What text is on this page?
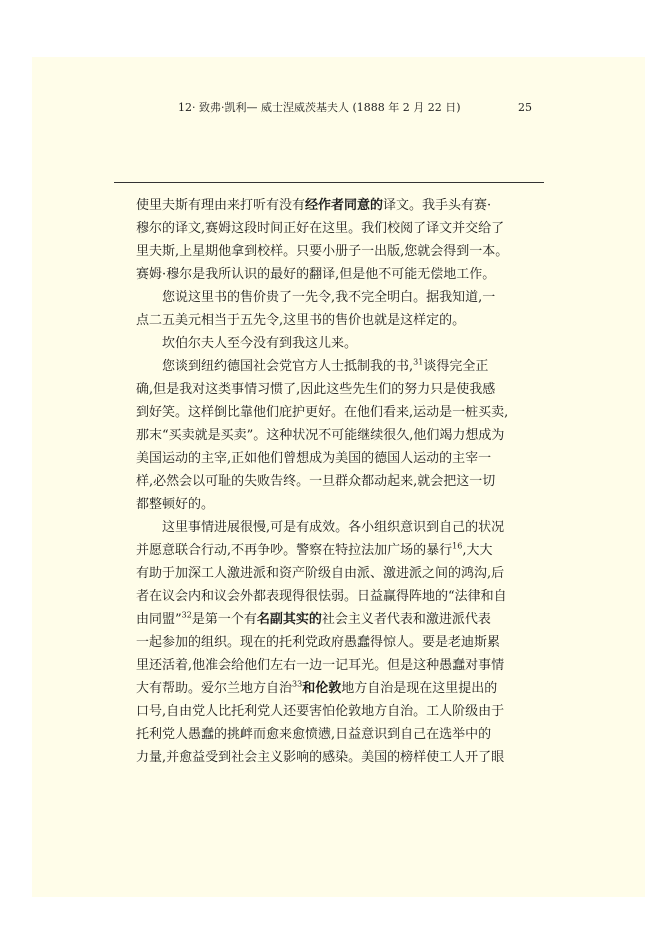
12· 致弗·凯利— 威士涅威茨基夫人 (1888 年 2 月 22 日)	25
使里夫斯有理由来打听有没有经作者同意的译文。我手头有赛·
穆尔的译文,赛姆这段时间正好在这里。我们校阅了译文并交给了
里夫斯,上星期他拿到校样。只要小册子一出版,您就会得到一本。
赛姆·穆尔是我所认识的最好的翻译,但是他不可能无偿地工作。
您说这里书的售价贵了一先令,我不完全明白。据我知道,一
点二五美元相当于五先令,这里书的售价也就是这样定的。
坎伯尔夫人至今没有到我这儿来。
您谈到纽约德国社会党官方人士抵制我的书,$^{31}$谈得完全正
确,但是我对这类事情习惯了,因此这些先生们的努力只是使我感
到好笑。这样倒比靠他们庇护更好。在他们看来,运动是一桩买卖,
那末“买卖就是买卖”。这种状况不可能继续很久,他们竭力想成为
美国运动的主宰,正如他们曾想成为美国的德国人运动的主宰一
样,必然会以可耻的失败告终。一旦群众都动起来,就会把这一切
都整顿好的。
这里事情进展很慢,可是有成效。各小组织意识到自己的状况
并愿意联合行动,不再争吵。警察在特拉法加广场的暴行$^{16}$,大大
有助于加深工人激进派和资产阶级自由派、激进派之间的鸿沟,后
者在议会内和议会外都表现得很怯弱。日益赢得阵地的“法律和自
由同盟”$^{32}$是第一个有名副其实的社会主义者代表和激进派代表
一起参加的组织。现在的托利党政府愚蠢得惊人。要是老迪斯累
里还活着,他准会给他们左右一边一记耳光。但是这种愚蠢对事情
大有帮助。爱尔兰地方自治$^{33}$和伦敦地方自治是现在这里提出的
口号,自由党人比托利党人还要害怕伦敦地方自治。工人阶级由于
托利党人愚蠢的挑衅而愈来愈愤懑,日益意识到自己在选举中的
力量,并愈益受到社会主义影响的感染。美国的榜样使工人开了眼
